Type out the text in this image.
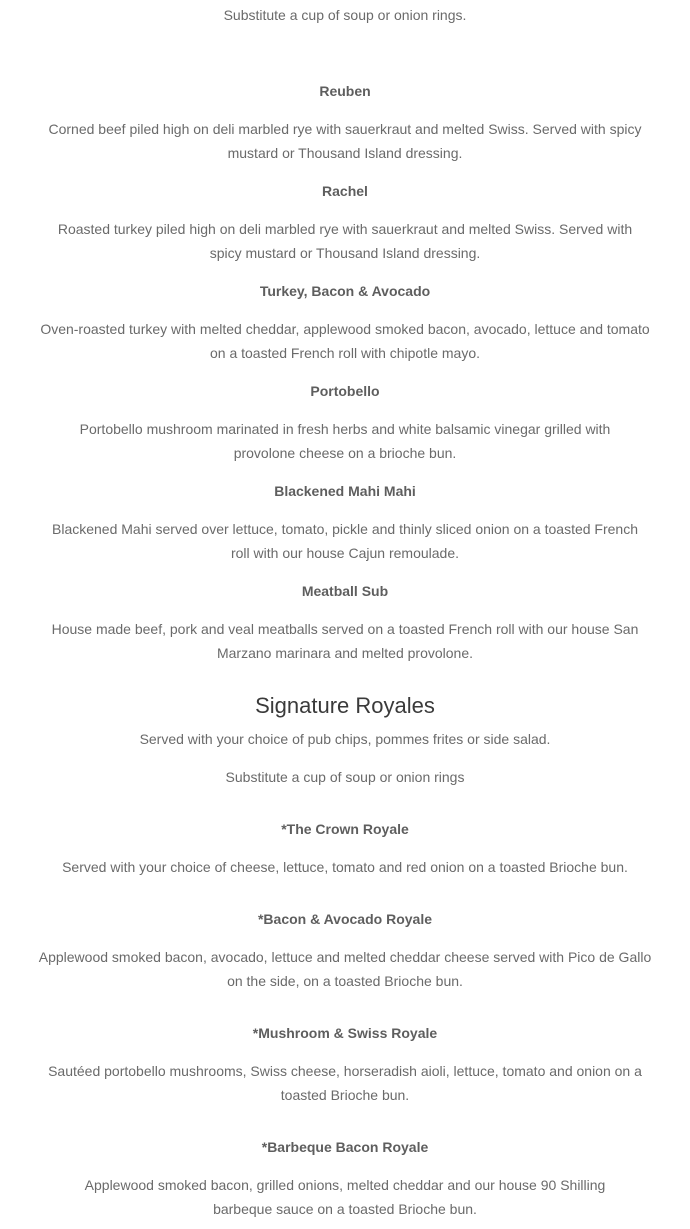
Substitute a cup of soup or onion rings.
Reuben
Corned beef piled high on deli marbled rye with sauerkraut and melted Swiss. Served with spicy mustard or Thousand Island dressing.
Rachel
Roasted turkey piled high on deli marbled rye with sauerkraut and melted Swiss. Served with spicy mustard or Thousand Island dressing.
Turkey, Bacon & Avocado
Oven-roasted turkey with melted cheddar, applewood smoked bacon, avocado, lettuce and tomato on a toasted French roll with chipotle mayo.
Portobello
Portobello mushroom marinated in fresh herbs and white balsamic vinegar grilled with provolone cheese on a brioche bun.
Blackened Mahi Mahi
Blackened Mahi served over lettuce, tomato, pickle and thinly sliced onion on a toasted French roll with our house Cajun remoulade.
Meatball Sub
House made beef, pork and veal meatballs served on a toasted French roll with our house San Marzano marinara and melted provolone.
Signature Royales
Served with your choice of pub chips, pommes frites or side salad.
Substitute a cup of soup or onion rings
*The Crown Royale
Served with your choice of cheese, lettuce, tomato and red onion on a toasted Brioche bun.
*Bacon & Avocado Royale
Applewood smoked bacon, avocado, lettuce and melted cheddar cheese served with Pico de Gallo on the side, on a toasted Brioche bun.
*Mushroom & Swiss Royale
Sautéed portobello mushrooms, Swiss cheese, horseradish aioli, lettuce, tomato and onion on a toasted Brioche bun.
*Barbeque Bacon Royale
Applewood smoked bacon, grilled onions, melted cheddar and our house 90 Shilling barbeque sauce on a toasted Brioche bun.
